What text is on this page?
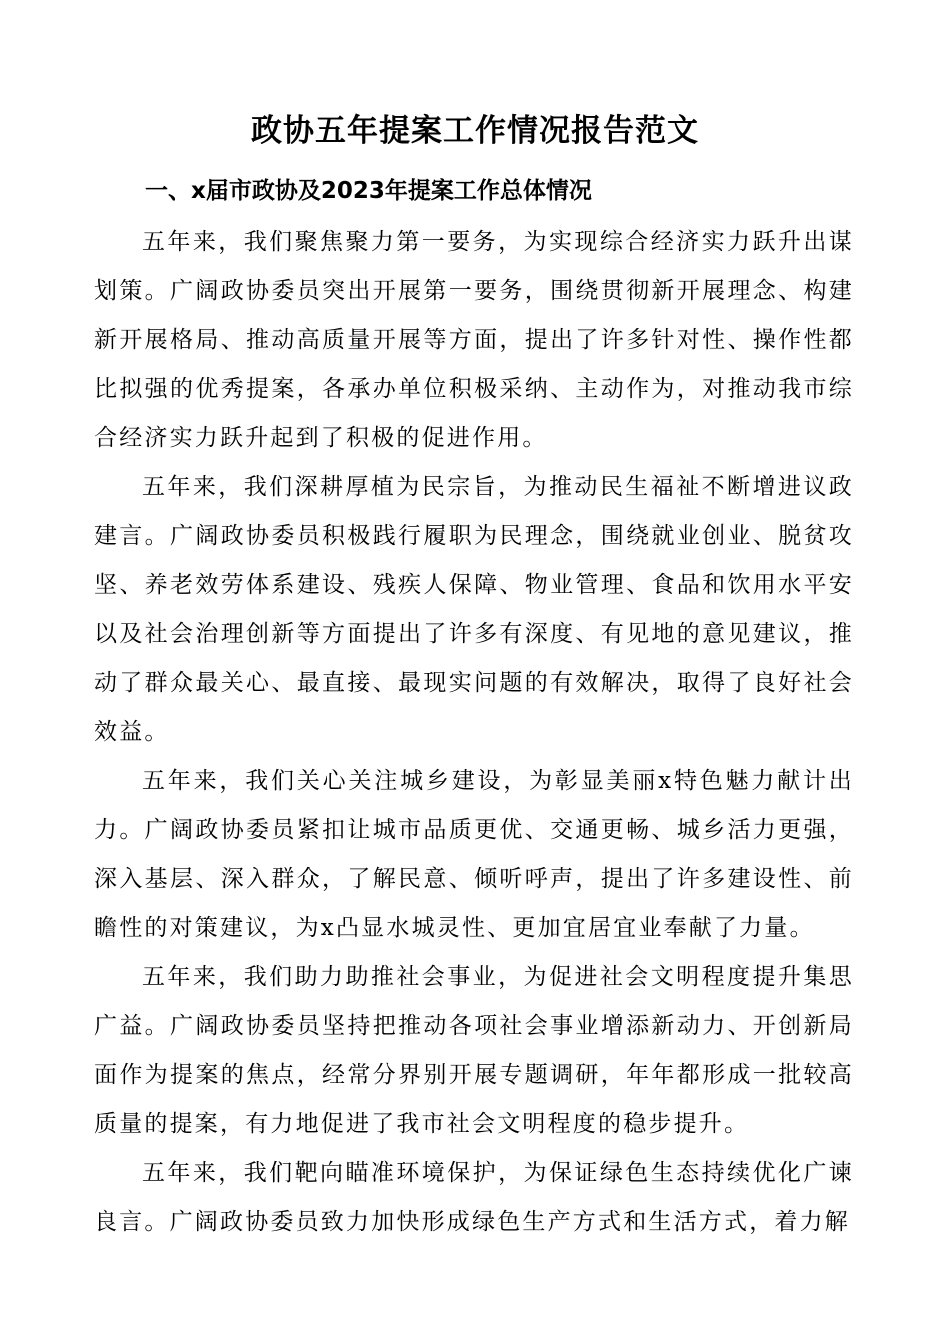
政协五年提案工作情况报告范文
一、x届市政协及2023年提案工作总体情况

五年来，我们聚焦聚力第一要务，为实现综合经济实力跃升出谋划策。广阔政协委员突出开展第一要务，围绕贯彻新开展理念、构建新开展格局、推动高质量开展等方面，提出了许多针对性、操作性都比拟强的优秀提案，各承办单位积极采纳、主动作为，对推动我市综合经济实力跃升起到了积极的促进作用。

五年来，我们深耕厚植为民宗旨，为推动民生福祉不断增进议政建言。广阔政协委员积极践行履职为民理念，围绕就业创业、脱贫攻坚、养老效劳体系建设、残疾人保障、物业管理、食品和饮用水平安以及社会治理创新等方面提出了许多有深度、有见地的意见建议，推动了群众最关心、最直接、最现实问题的有效解决，取得了良好社会效益。

五年来，我们关心关注城乡建设，为彰显美丽x特色魅力献计出力。广阔政协委员紧扣让城市品质更优、交通更畅、城乡活力更强，深入基层、深入群众，了解民意、倾听呼声，提出了许多建设性、前瞻性的对策建议，为x凸显水城灵性、更加宜居宜业奉献了力量。

五年来，我们助力助推社会事业，为促进社会文明程度提升集思广益。广阔政协委员坚持把推动各项社会事业增添新动力、开创新局面作为提案的焦点，经常分界别开展专题调研，年年都形成一批较高质量的提案，有力地促进了我市社会文明程度的稳步提升。

五年来，我们靶向瞄准环境保护，为保证绿色生态持续优化广谏良言。广阔政协委员致力加快形成绿色生产方式和生活方式，着力解
